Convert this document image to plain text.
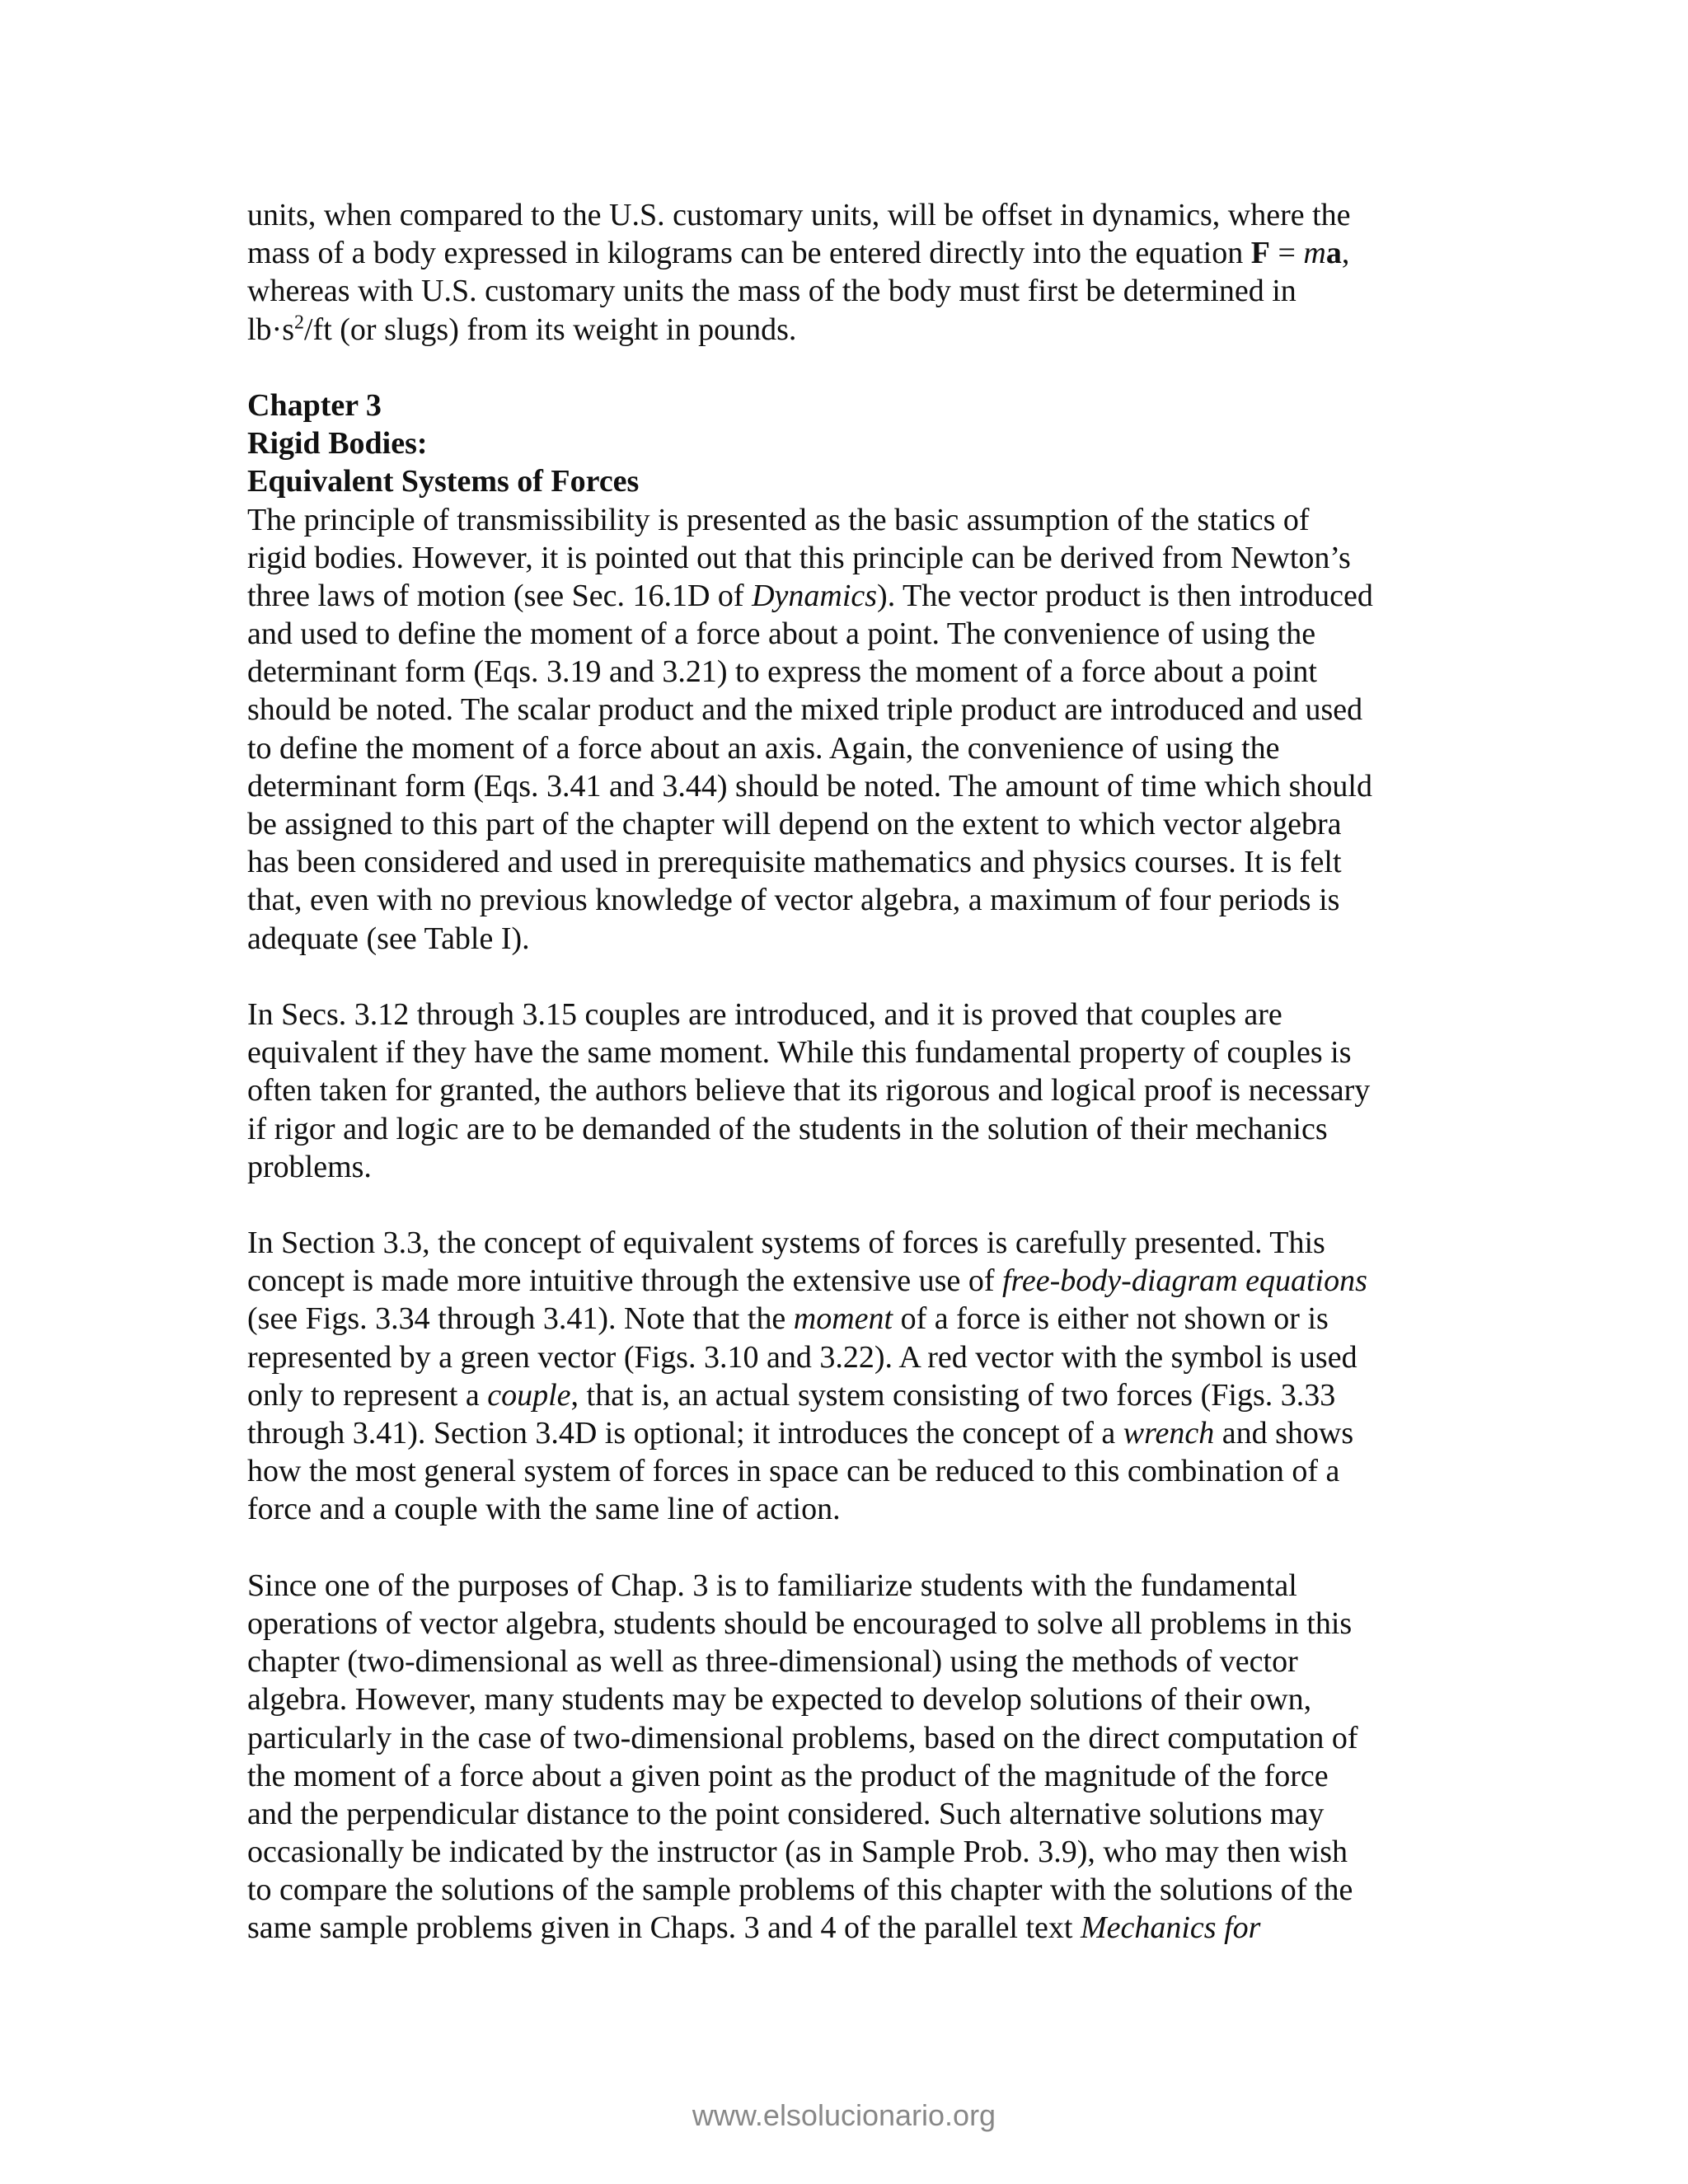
units, when compared to the U.S. customary units, will be offset in dynamics, where the
mass of a body expressed in kilograms can be entered directly into the equation F = ma,
whereas with U.S. customary units the mass of the body must first be determined in
$lb\cdot s^2/ft$ (or slugs) from its weight in pounds.
Chapter 3
Rigid Bodies:
Equivalent Systems of Forces
The principle of transmissibility is presented as the basic assumption of the statics of
rigid bodies. However, it is pointed out that this principle can be derived from Newton’s
three laws of motion (see Sec. 16.1D of Dynamics). The vector product is then introduced
and used to define the moment of a force about a point. The convenience of using the
determinant form (Eqs. 3.19 and 3.21) to express the moment of a force about a point
should be noted. The scalar product and the mixed triple product are introduced and used
to define the moment of a force about an axis. Again, the convenience of using the
determinant form (Eqs. 3.41 and 3.44) should be noted. The amount of time which should
be assigned to this part of the chapter will depend on the extent to which vector algebra
has been considered and used in prerequisite mathematics and physics courses. It is felt
that, even with no previous knowledge of vector algebra, a maximum of four periods is
adequate (see Table I).
In Secs. 3.12 through 3.15 couples are introduced, and it is proved that couples are
equivalent if they have the same moment. While this fundamental property of couples is
often taken for granted, the authors believe that its rigorous and logical proof is necessary
if rigor and logic are to be demanded of the students in the solution of their mechanics
problems.
In Section 3.3, the concept of equivalent systems of forces is carefully presented. This
concept is made more intuitive through the extensive use of free-body-diagram equations
(see Figs. 3.34 through 3.41). Note that the moment of a force is either not shown or is
represented by a green vector (Figs. 3.10 and 3.22). A red vector with the symbol is used
only to represent a couple, that is, an actual system consisting of two forces (Figs. 3.33
through 3.41). Section 3.4D is optional; it introduces the concept of a wrench and shows
how the most general system of forces in space can be reduced to this combination of a
force and a couple with the same line of action.
Since one of the purposes of Chap. 3 is to familiarize students with the fundamental
operations of vector algebra, students should be encouraged to solve all problems in this
chapter (two-dimensional as well as three-dimensional) using the methods of vector
algebra. However, many students may be expected to develop solutions of their own,
particularly in the case of two-dimensional problems, based on the direct computation of
the moment of a force about a given point as the product of the magnitude of the force
and the perpendicular distance to the point considered. Such alternative solutions may
occasionally be indicated by the instructor (as in Sample Prob. 3.9), who may then wish
to compare the solutions of the sample problems of this chapter with the solutions of the
same sample problems given in Chaps. 3 and 4 of the parallel text Mechanics for
www.elsolucionario.org
